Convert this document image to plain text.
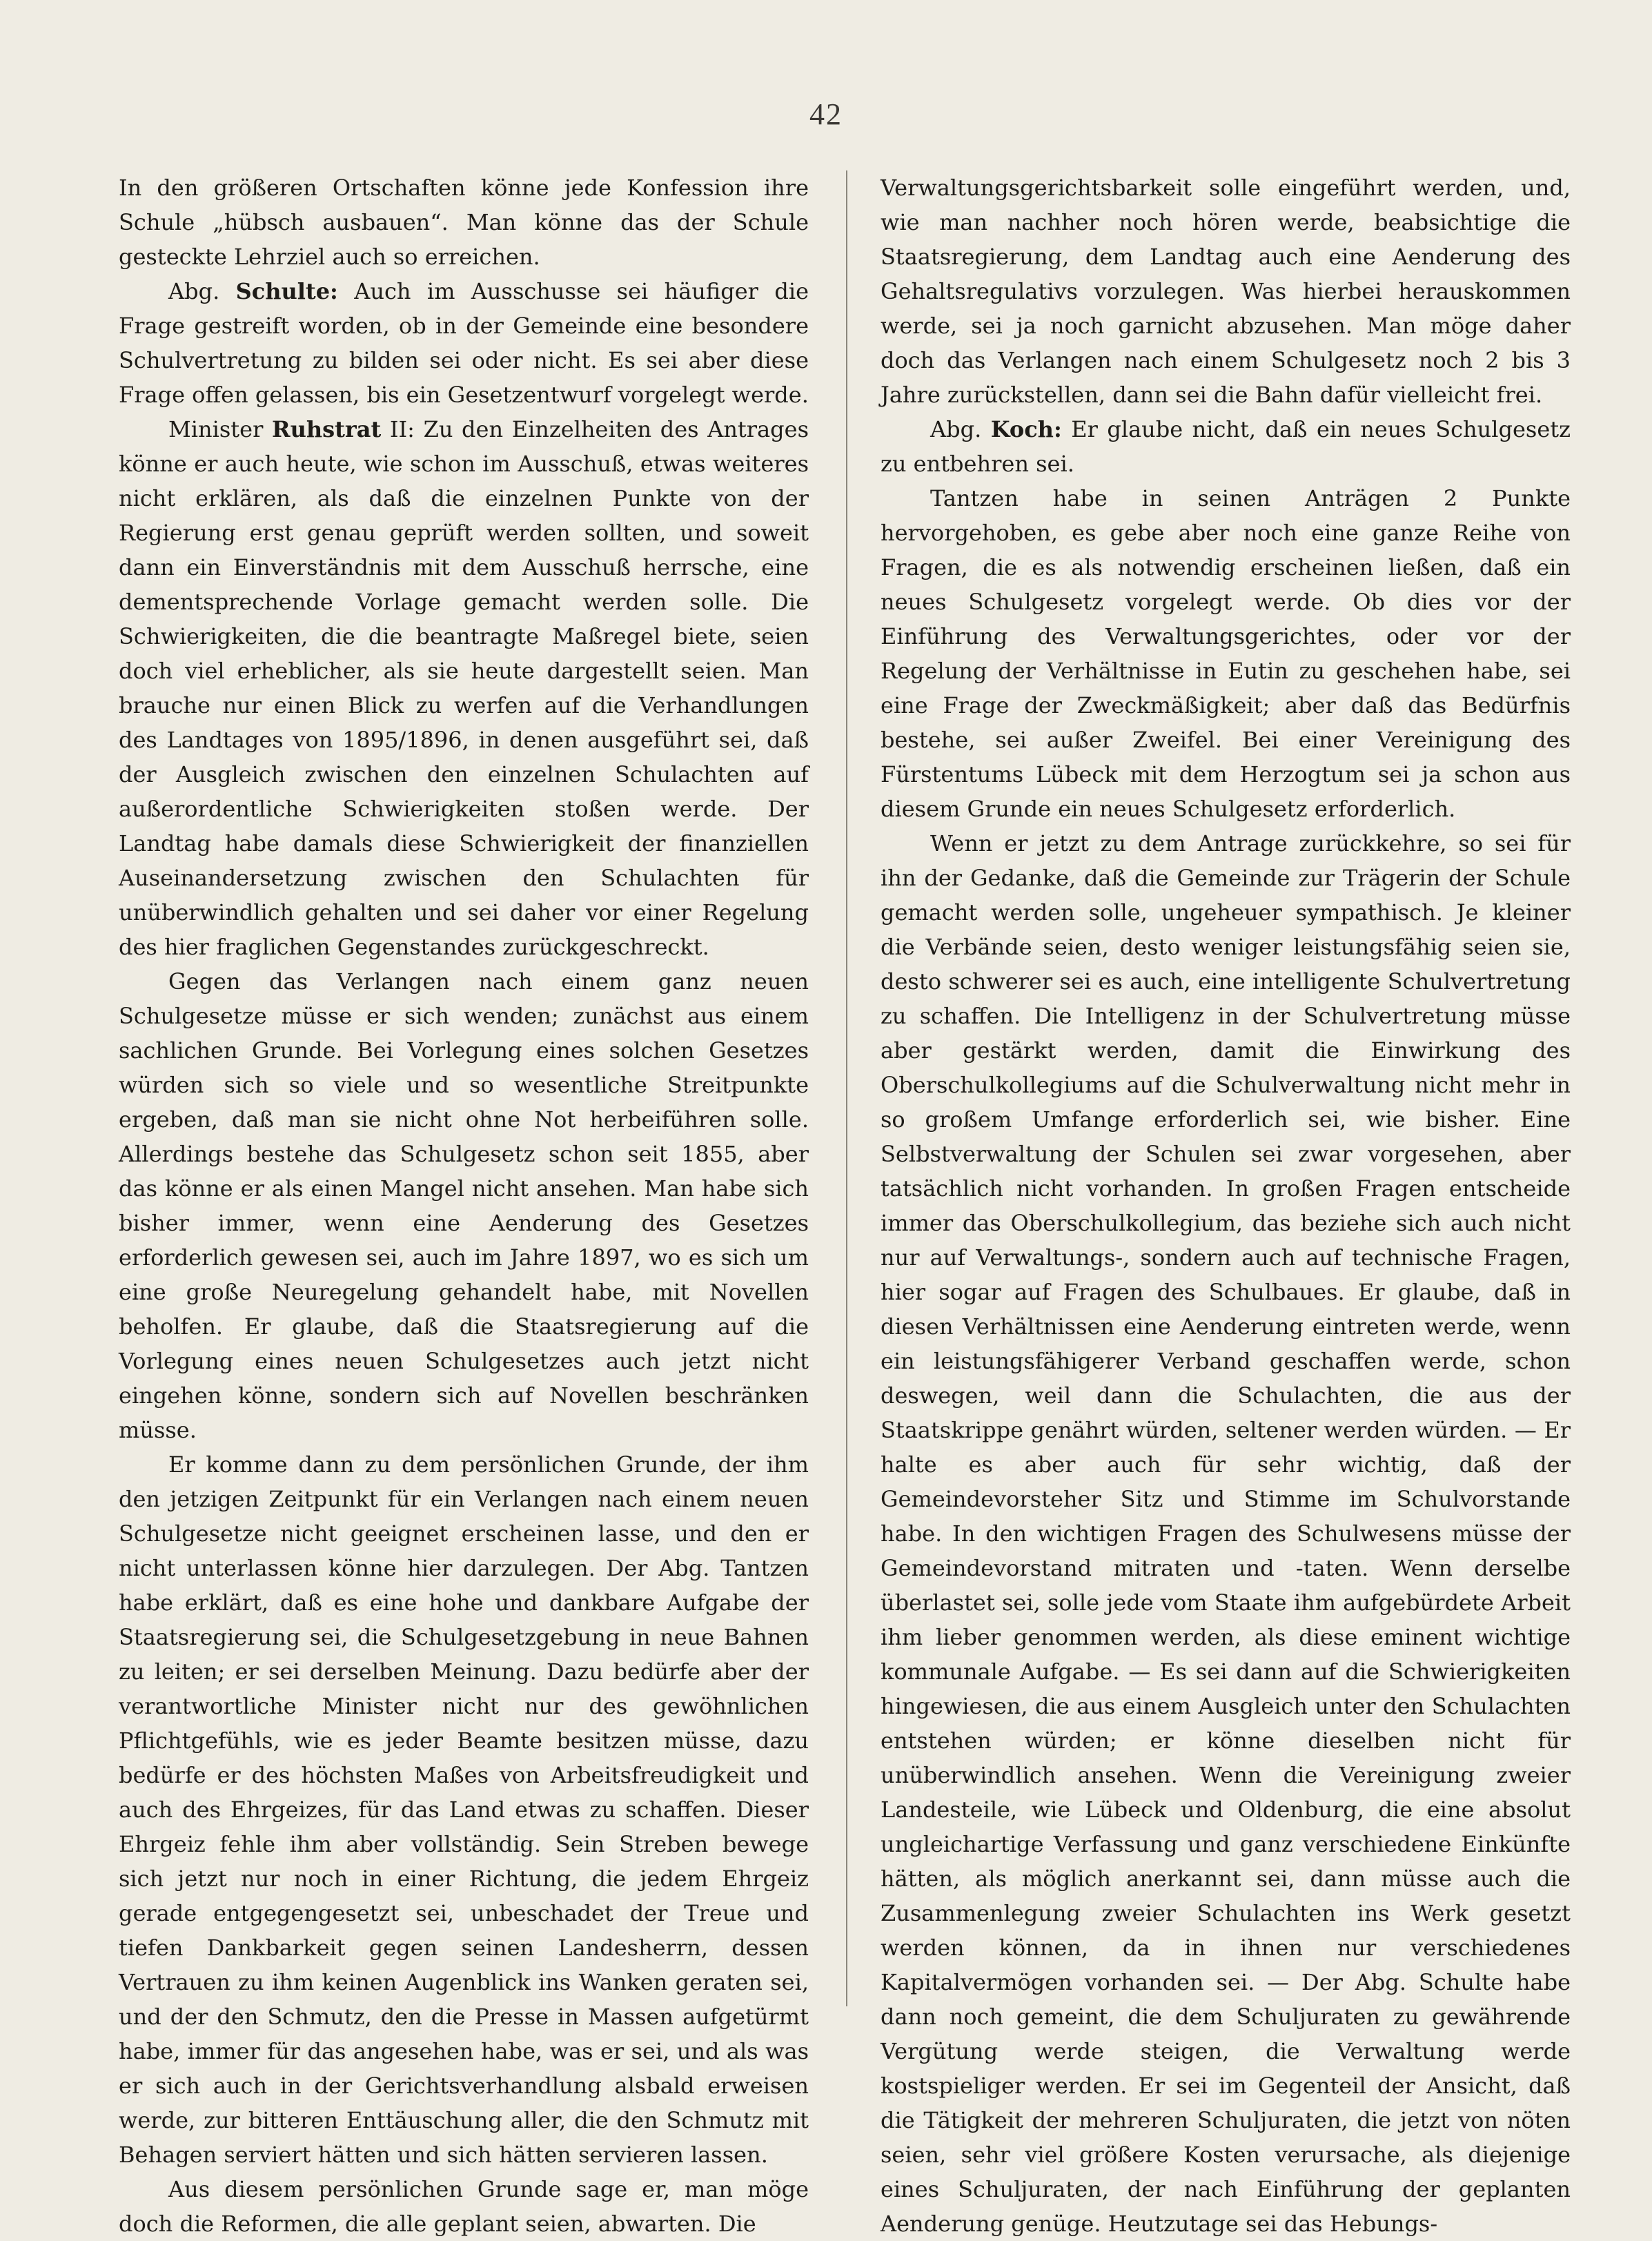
42

In den größeren Ortschaften könne jede Konfession ihre Schule „hübsch ausbauen“. Man könne das der Schule gesteckte Lehrziel auch so erreichen.

Abg. Schulte: Auch im Ausschusse sei häufiger die Frage gestreift worden, ob in der Gemeinde eine besondere Schulvertretung zu bilden sei oder nicht. Es sei aber diese Frage offen gelassen, bis ein Gesetzentwurf vorgelegt werde.

Minister Ruhstrat II: Zu den Einzelheiten des Antrages könne er auch heute, wie schon im Ausschuß, etwas weiteres nicht erklären, als daß die einzelnen Punkte von der Regierung erst genau geprüft werden sollten, und soweit dann ein Einverständnis mit dem Ausschuß herrsche, eine dementsprechende Vorlage gemacht werden solle. Die Schwierigkeiten, die die beantragte Maßregel biete, seien doch viel erheblicher, als sie heute dargestellt seien. Man brauche nur einen Blick zu werfen auf die Verhandlungen des Landtages von 1895/1896, in denen ausgeführt sei, daß der Ausgleich zwischen den einzelnen Schulachten auf außerordentliche Schwierigkeiten stoßen werde. Der Landtag habe damals diese Schwierigkeit der finanziellen Auseinandersetzung zwischen den Schulachten für unüberwindlich gehalten und sei daher vor einer Regelung des hier fraglichen Gegenstandes zurückgeschreckt.

Gegen das Verlangen nach einem ganz neuen Schulgesetze müsse er sich wenden; zunächst aus einem sachlichen Grunde. Bei Vorlegung eines solchen Gesetzes würden sich so viele und so wesentliche Streitpunkte ergeben, daß man sie nicht ohne Not herbeiführen solle. Allerdings bestehe das Schulgesetz schon seit 1855, aber das könne er als einen Mangel nicht ansehen. Man habe sich bisher immer, wenn eine Aenderung des Gesetzes erforderlich gewesen sei, auch im Jahre 1897, wo es sich um eine große Neuregelung gehandelt habe, mit Novellen beholfen. Er glaube, daß die Staatsregierung auf die Vorlegung eines neuen Schulgesetzes auch jetzt nicht eingehen könne, sondern sich auf Novellen beschränken müsse.

Er komme dann zu dem persönlichen Grunde, der ihm den jetzigen Zeitpunkt für ein Verlangen nach einem neuen Schulgesetze nicht geeignet erscheinen lasse, und den er nicht unterlassen könne hier darzulegen. Der Abg. Tantzen habe erklärt, daß es eine hohe und dankbare Aufgabe der Staatsregierung sei, die Schulgesetzgebung in neue Bahnen zu leiten; er sei derselben Meinung. Dazu bedürfe aber der verantwortliche Minister nicht nur des gewöhnlichen Pflichtgefühls, wie es jeder Beamte besitzen müsse, dazu bedürfe er des höchsten Maßes von Arbeitsfreudigkeit und auch des Ehrgeizes, für das Land etwas zu schaffen. Dieser Ehrgeiz fehle ihm aber vollständig. Sein Streben bewege sich jetzt nur noch in einer Richtung, die jedem Ehrgeiz gerade entgegengesetzt sei, unbeschadet der Treue und tiefen Dankbarkeit gegen seinen Landesherrn, dessen Vertrauen zu ihm keinen Augenblick ins Wanken geraten sei, und der den Schmutz, den die Presse in Massen aufgetürmt habe, immer für das angesehen habe, was er sei, und als was er sich auch in der Gerichtsverhandlung alsbald erweisen werde, zur bitteren Enttäuschung aller, die den Schmutz mit Behagen serviert hätten und sich hätten servieren lassen.

Aus diesem persönlichen Grunde sage er, man möge doch die Reformen, die alle geplant seien, abwarten. Die

Verwaltungsgerichtsbarkeit solle eingeführt werden, und, wie man nachher noch hören werde, beabsichtige die Staatsregierung, dem Landtag auch eine Aenderung des Gehaltsregulativs vorzulegen. Was hierbei herauskommen werde, sei ja noch garnicht abzusehen. Man möge daher doch das Verlangen nach einem Schulgesetz noch 2 bis 3 Jahre zurückstellen, dann sei die Bahn dafür vielleicht frei.

Abg. Koch: Er glaube nicht, daß ein neues Schulgesetz zu entbehren sei.

Tantzen habe in seinen Anträgen 2 Punkte hervorgehoben, es gebe aber noch eine ganze Reihe von Fragen, die es als notwendig erscheinen ließen, daß ein neues Schulgesetz vorgelegt werde. Ob dies vor der Einführung des Verwaltungsgerichtes, oder vor der Regelung der Verhältnisse in Eutin zu geschehen habe, sei eine Frage der Zweckmäßigkeit; aber daß das Bedürfnis bestehe, sei außer Zweifel. Bei einer Vereinigung des Fürstentums Lübeck mit dem Herzogtum sei ja schon aus diesem Grunde ein neues Schulgesetz erforderlich.

Wenn er jetzt zu dem Antrage zurückkehre, so sei für ihn der Gedanke, daß die Gemeinde zur Trägerin der Schule gemacht werden solle, ungeheuer sympathisch. Je kleiner die Verbände seien, desto weniger leistungsfähig seien sie, desto schwerer sei es auch, eine intelligente Schulvertretung zu schaffen. Die Intelligenz in der Schulvertretung müsse aber gestärkt werden, damit die Einwirkung des Oberschulkollegiums auf die Schulverwaltung nicht mehr in so großem Umfange erforderlich sei, wie bisher. Eine Selbstverwaltung der Schulen sei zwar vorgesehen, aber tatsächlich nicht vorhanden. In großen Fragen entscheide immer das Oberschulkollegium, das beziehe sich auch nicht nur auf Verwaltungs-, sondern auch auf technische Fragen, hier sogar auf Fragen des Schulbaues. Er glaube, daß in diesen Verhältnissen eine Aenderung eintreten werde, wenn ein leistungsfähigerer Verband geschaffen werde, schon deswegen, weil dann die Schulachten, die aus der Staatskrippe genährt würden, seltener werden würden. — Er halte es aber auch für sehr wichtig, daß der Gemeindevorsteher Sitz und Stimme im Schulvorstande habe. In den wichtigen Fragen des Schulwesens müsse der Gemeindevorstand mitraten und -taten. Wenn derselbe überlastet sei, solle jede vom Staate ihm aufgebürdete Arbeit ihm lieber genommen werden, als diese eminent wichtige kommunale Aufgabe. — Es sei dann auf die Schwierigkeiten hingewiesen, die aus einem Ausgleich unter den Schulachten entstehen würden; er könne dieselben nicht für unüberwindlich ansehen. Wenn die Vereinigung zweier Landesteile, wie Lübeck und Oldenburg, die eine absolut ungleichartige Verfassung und ganz verschiedene Einkünfte hätten, als möglich anerkannt sei, dann müsse auch die Zusammenlegung zweier Schulachten ins Werk gesetzt werden können, da in ihnen nur verschiedenes Kapitalvermögen vorhanden sei. — Der Abg. Schulte habe dann noch gemeint, die dem Schuljuraten zu gewährende Vergütung werde steigen, die Verwaltung werde kostspieliger werden. Er sei im Gegenteil der Ansicht, daß die Tätigkeit der mehreren Schuljuraten, die jetzt von nöten seien, sehr viel größere Kosten verursache, als diejenige eines Schuljuraten, der nach Einführung der geplanten Aenderung genüge. Heutzutage sei das Hebungs-
